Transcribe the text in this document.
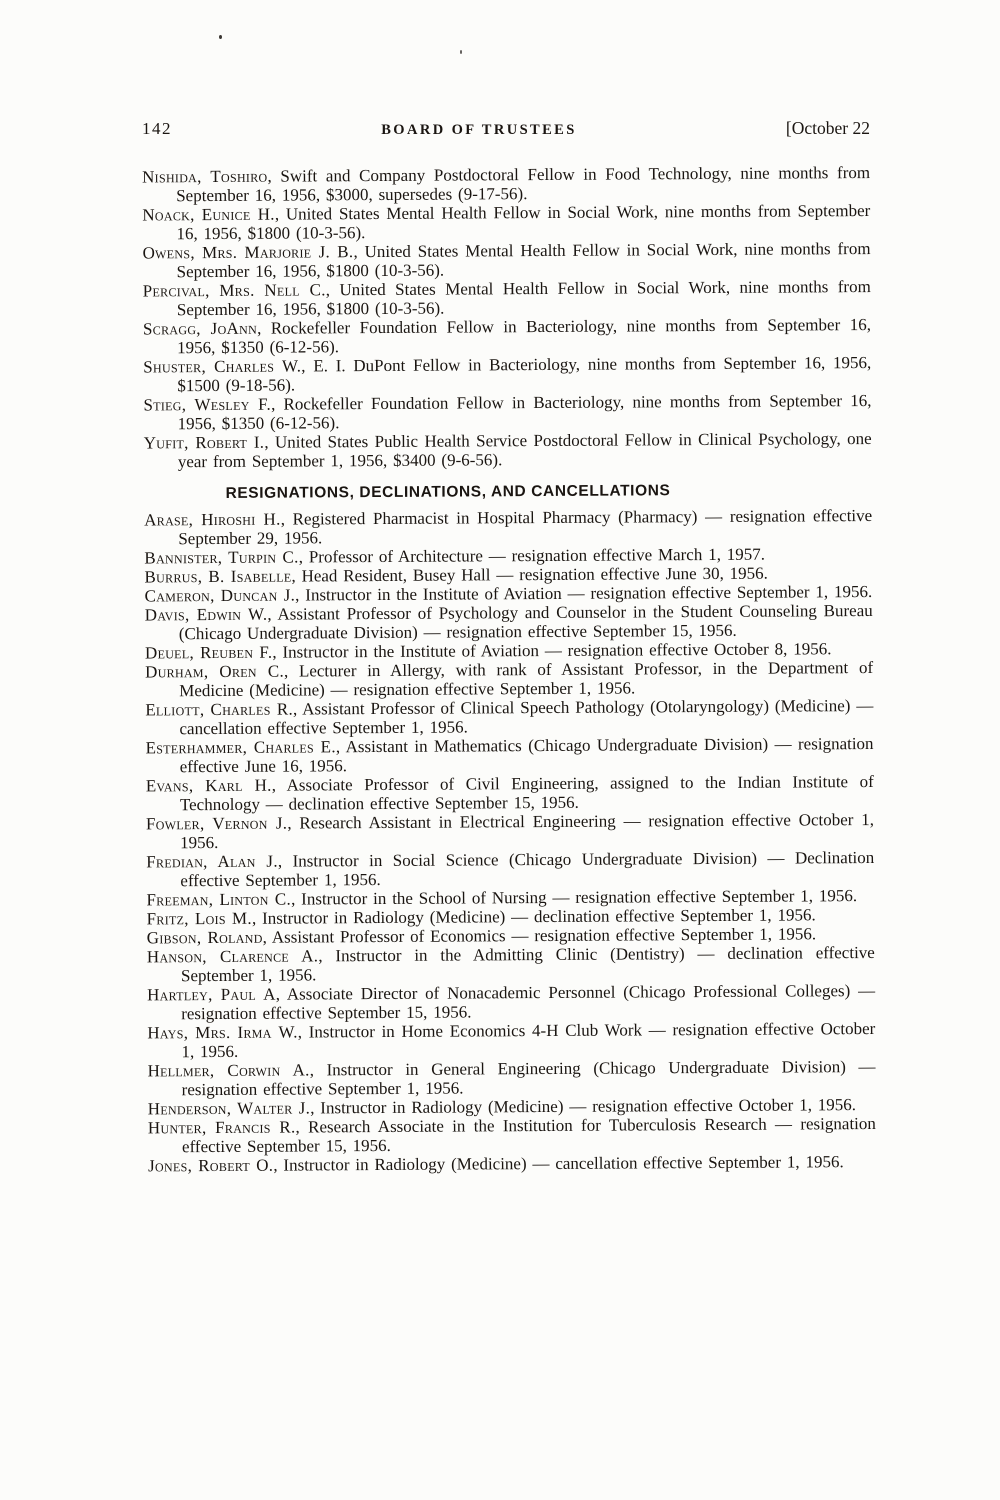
142	BOARD OF TRUSTEES	[October 22
Nishida, Toshiro, Swift and Company Postdoctoral Fellow in Food Technology, nine months from September 16, 1956, $3000, supersedes (9-17-56).
Noack, Eunice H., United States Mental Health Fellow in Social Work, nine months from September 16, 1956, $1800 (10-3-56).
Owens, Mrs. Marjorie J. B., United States Mental Health Fellow in Social Work, nine months from September 16, 1956, $1800 (10-3-56).
Percival, Mrs. Nell C., United States Mental Health Fellow in Social Work, nine months from September 16, 1956, $1800 (10-3-56).
Scragg, JoAnn, Rockefeller Foundation Fellow in Bacteriology, nine months from September 16, 1956, $1350 (6-12-56).
Shuster, Charles W., E. I. DuPont Fellow in Bacteriology, nine months from September 16, 1956, $1500 (9-18-56).
Stieg, Wesley F., Rockefeller Foundation Fellow in Bacteriology, nine months from September 16, 1956, $1350 (6-12-56).
Yufit, Robert I., United States Public Health Service Postdoctoral Fellow in Clinical Psychology, one year from September 1, 1956, $3400 (9-6-56).
RESIGNATIONS, DECLINATIONS, AND CANCELLATIONS
Arase, Hiroshi H., Registered Pharmacist in Hospital Pharmacy (Pharmacy) — resignation effective September 29, 1956.
Bannister, Turpin C., Professor of Architecture — resignation effective March 1, 1957.
Burrus, B. Isabelle, Head Resident, Busey Hall — resignation effective June 30, 1956.
Cameron, Duncan J., Instructor in the Institute of Aviation — resignation effective September 1, 1956.
Davis, Edwin W., Assistant Professor of Psychology and Counselor in the Student Counseling Bureau (Chicago Undergraduate Division) — resignation effective September 15, 1956.
Deuel, Reuben F., Instructor in the Institute of Aviation — resignation effective October 8, 1956.
Durham, Oren C., Lecturer in Allergy, with rank of Assistant Professor, in the Department of Medicine (Medicine) — resignation effective September 1, 1956.
Elliott, Charles R., Assistant Professor of Clinical Speech Pathology (Otolaryngology) (Medicine) — cancellation effective September 1, 1956.
Esterhammer, Charles E., Assistant in Mathematics (Chicago Undergraduate Division) — resignation effective June 16, 1956.
Evans, Karl H., Associate Professor of Civil Engineering, assigned to the Indian Institute of Technology — declination effective September 15, 1956.
Fowler, Vernon J., Research Assistant in Electrical Engineering — resignation effective October 1, 1956.
Fredian, Alan J., Instructor in Social Science (Chicago Undergraduate Division) — Declination effective September 1, 1956.
Freeman, Linton C., Instructor in the School of Nursing — resignation effective September 1, 1956.
Fritz, Lois M., Instructor in Radiology (Medicine) — declination effective September 1, 1956.
Gibson, Roland, Assistant Professor of Economics — resignation effective September 1, 1956.
Hanson, Clarence A., Instructor in the Admitting Clinic (Dentistry) — declination effective September 1, 1956.
Hartley, Paul A, Associate Director of Nonacademic Personnel (Chicago Professional Colleges) — resignation effective September 15, 1956.
Hays, Mrs. Irma W., Instructor in Home Economics 4-H Club Work — resignation effective October 1, 1956.
Hellmer, Corwin A., Instructor in General Engineering (Chicago Undergraduate Division) — resignation effective September 1, 1956.
Henderson, Walter J., Instructor in Radiology (Medicine) — resignation effective October 1, 1956.
Hunter, Francis R., Research Associate in the Institution for Tuberculosis Research — resignation effective September 15, 1956.
Jones, Robert O., Instructor in Radiology (Medicine) — cancellation effective September 1, 1956.
